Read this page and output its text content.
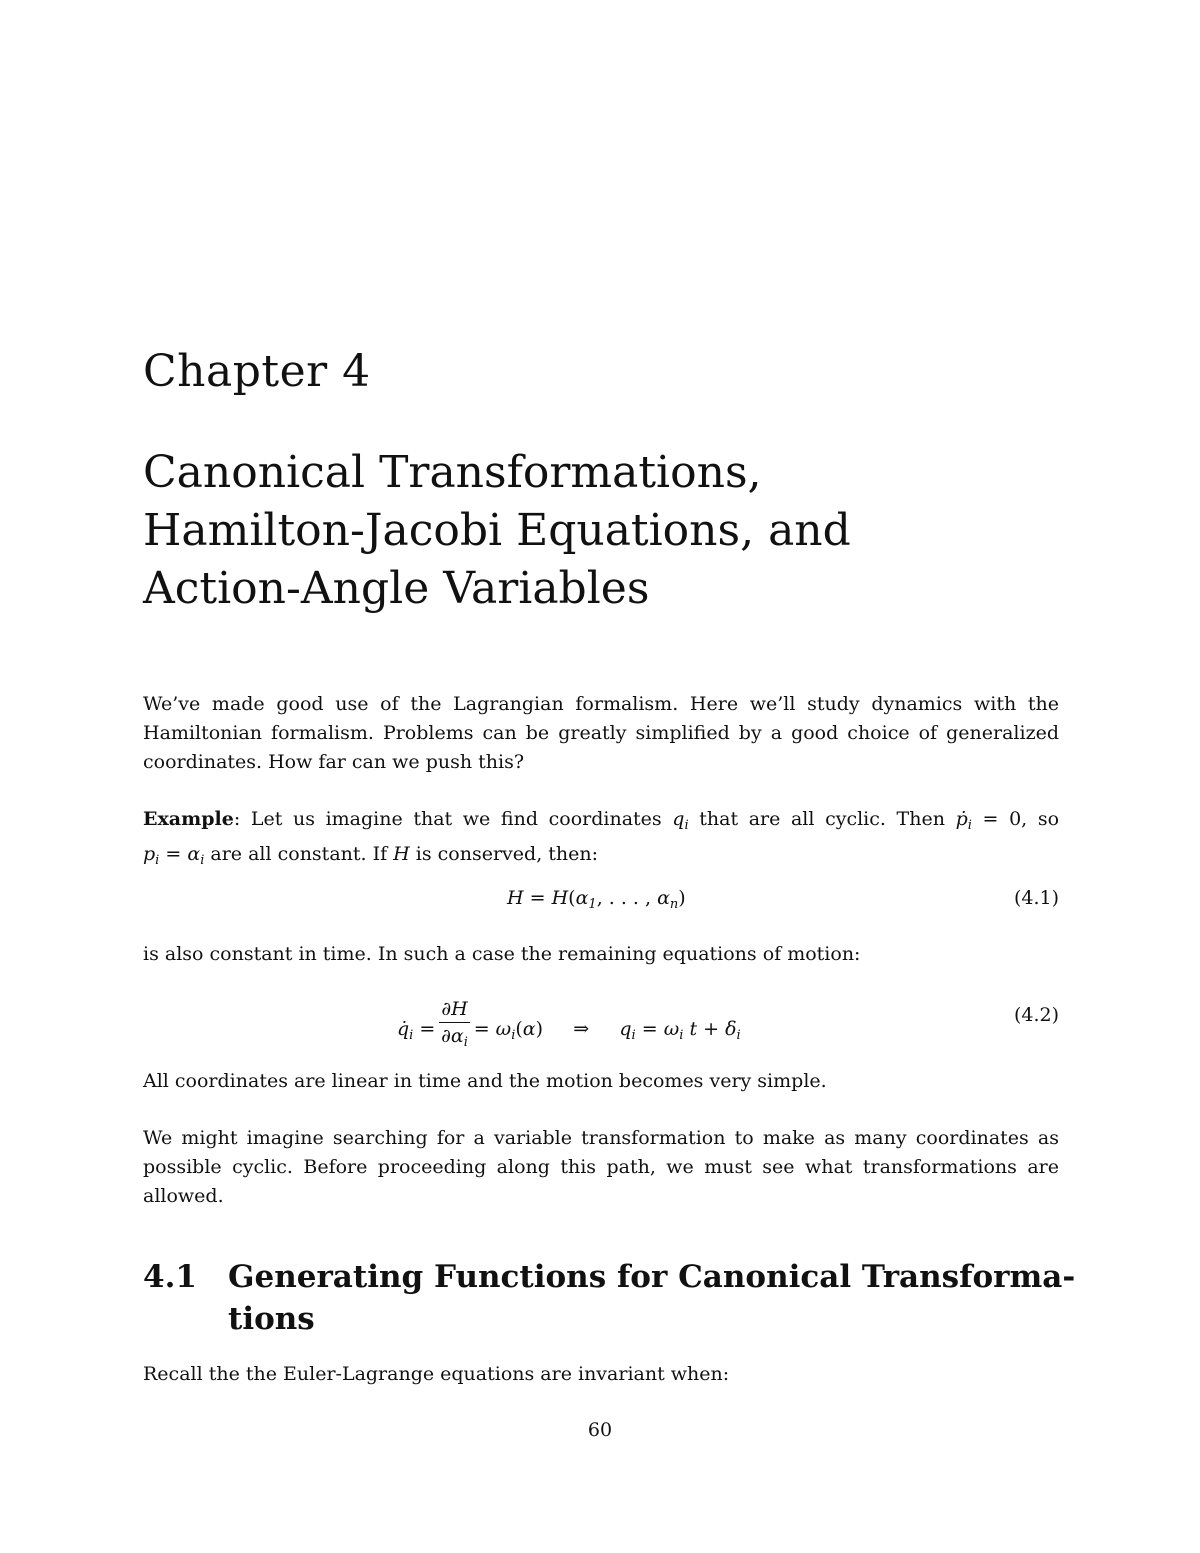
Chapter 4
Canonical Transformations,
Hamilton-Jacobi Equations, and
Action-Angle Variables
We’ve made good use of the Lagrangian formalism. Here we’ll study dynamics with the
Hamiltonian formalism. Problems can be greatly simplified by a good choice of generalized
coordinates. How far can we push this?
Example: Let us imagine that we find coordinates $q_i$ that are all cyclic. Then ṗ$_i$ = 0, so
$p_i = \alpha_i$ are all constant. If H is conserved, then:
$H = H(\alpha_1$, . . . , $\alpha_n$)	(4.1)
is also constant in time. In such a case the remaining equations of motion:
$q̇_i = \frac{\partial H}{\partial\alpha_i} = \omega_i(\alpha)$ ⇒     $q_i = \omega_i$ $t + \delta_i$
(4.2)
All coordinates are linear in time and the motion becomes very simple.
We might imagine searching for a variable transformation to make as many coordinates as
possible cyclic. Before proceeding along this path, we must see what transformations are
allowed.
4.1 Generating Functions for Canonical Transforma-
tions
Recall the the Euler-Lagrange equations are invariant when:
60
